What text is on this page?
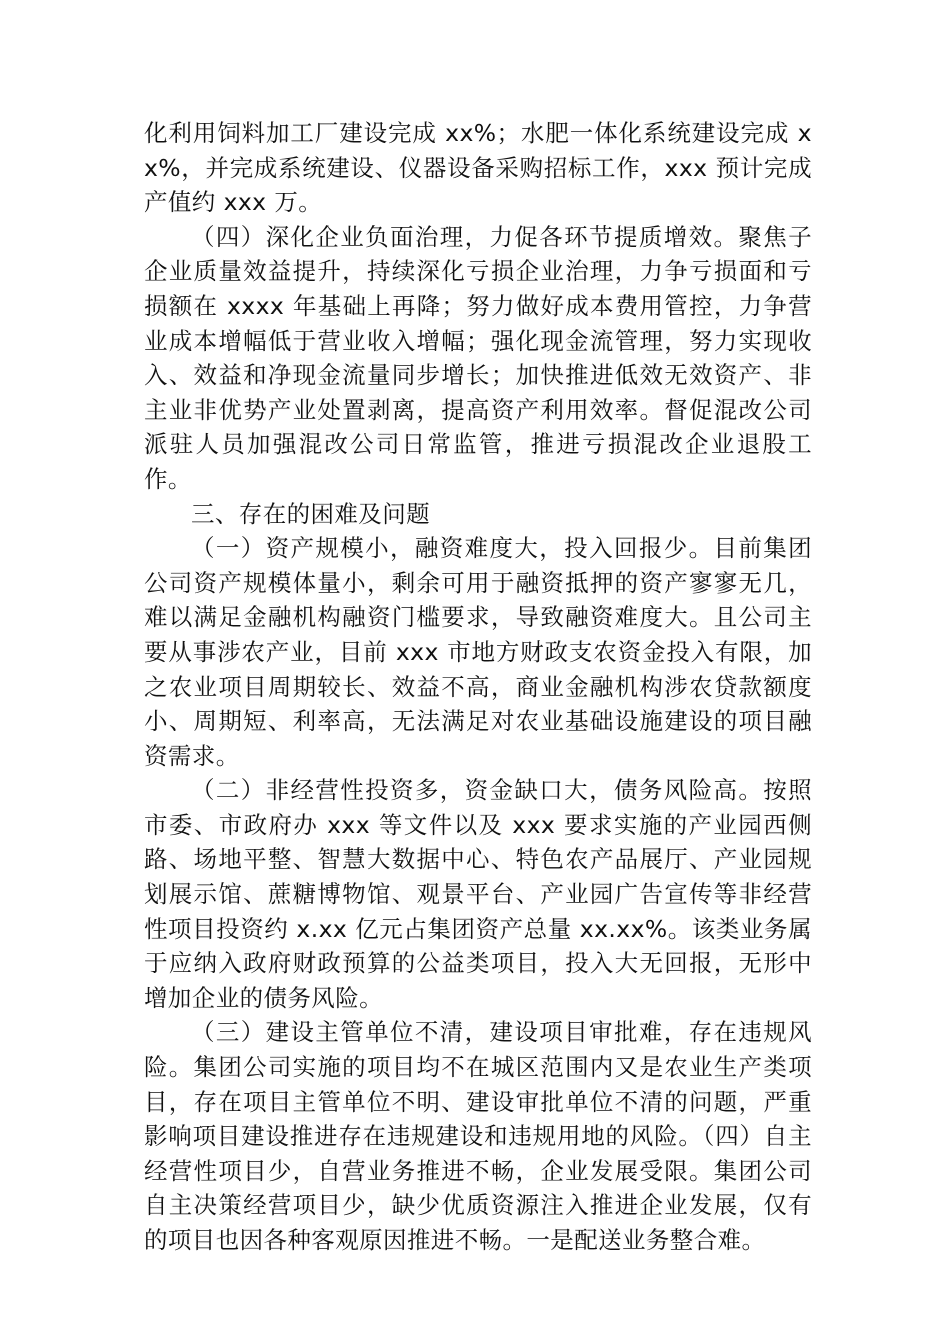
化利用饲料加工厂建设完成 xx%；水肥一体化系统建设完成 xx%，并完成系统建设、仪器设备采购招标工作，xxx 预计完成产值约 xxx 万。

（四）深化企业负面治理，力促各环节提质增效。聚焦子企业质量效益提升，持续深化亏损企业治理，力争亏损面和亏损额在 xxxx 年基础上再降；努力做好成本费用管控，力争营业成本增幅低于营业收入增幅；强化现金流管理，努力实现收入、效益和净现金流量同步增长；加快推进低效无效资产、非主业非优势产业处置剥离，提高资产利用效率。督促混改公司派驻人员加强混改公司日常监管，推进亏损混改企业退股工作。

三、存在的困难及问题

（一）资产规模小，融资难度大，投入回报少。目前集团公司资产规模体量小，剩余可用于融资抵押的资产寥寥无几，难以满足金融机构融资门槛要求，导致融资难度大。且公司主要从事涉农产业，目前 xxx 市地方财政支农资金投入有限，加之农业项目周期较长、效益不高，商业金融机构涉农贷款额度小、周期短、利率高，无法满足对农业基础设施建设的项目融资需求。

（二）非经营性投资多，资金缺口大，债务风险高。按照市委、市政府办 xxx 等文件以及 xxx 要求实施的产业园西侧路、场地平整、智慧大数据中心、特色农产品展厅、产业园规划展示馆、蔗糖博物馆、观景平台、产业园广告宣传等非经营性项目投资约 x.xx 亿元占集团资产总量 xx.xx%。该类业务属于应纳入政府财政预算的公益类项目，投入大无回报，无形中增加企业的债务风险。

（三）建设主管单位不清，建设项目审批难，存在违规风险。集团公司实施的项目均不在城区范围内又是农业生产类项目，存在项目主管单位不明、建设审批单位不清的问题，严重影响项目建设推进存在违规建设和违规用地的风险。（四）自主经营性项目少，自营业务推进不畅，企业发展受限。集团公司自主决策经营项目少，缺少优质资源注入推进企业发展，仅有的项目也因各种客观原因推进不畅。一是配送业务整合难。
